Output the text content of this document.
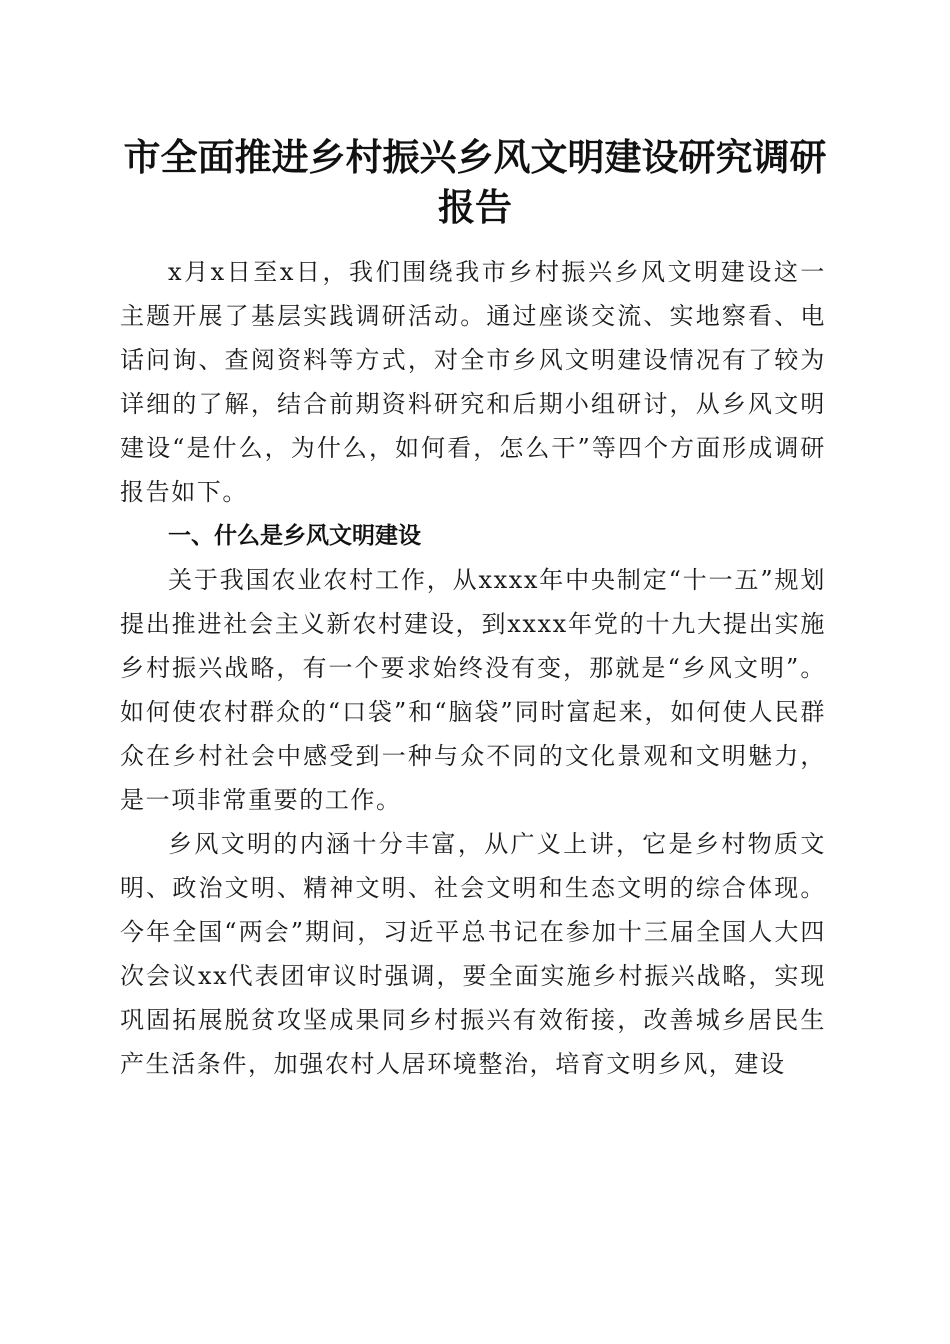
市全面推进乡村振兴乡风文明建设研究调研报告

x月x日至x日，我们围绕我市乡村振兴乡风文明建设这一主题开展了基层实践调研活动。通过座谈交流、实地察看、电话问询、查阅资料等方式，对全市乡风文明建设情况有了较为详细的了解，结合前期资料研究和后期小组研讨，从乡风文明建设“是什么，为什么，如何看，怎么干”等四个方面形成调研报告如下。

一、什么是乡风文明建设

关于我国农业农村工作，从xxxx年中央制定“十一五”规划提出推进社会主义新农村建设，到xxxx年党的十九大提出实施乡村振兴战略，有一个要求始终没有变，那就是“乡风文明”。如何使农村群众的“口袋”和“脑袋”同时富起来，如何使人民群众在乡村社会中感受到一种与众不同的文化景观和文明魅力，是一项非常重要的工作。

乡风文明的内涵十分丰富，从广义上讲，它是乡村物质文明、政治文明、精神文明、社会文明和生态文明的综合体现。今年全国“两会”期间，习近平总书记在参加十三届全国人大四次会议xx代表团审议时强调，要全面实施乡村振兴战略，实现巩固拓展脱贫攻坚成果同乡村振兴有效衔接，改善城乡居民生产生活条件，加强农村人居环境整治，培育文明乡风，建设
